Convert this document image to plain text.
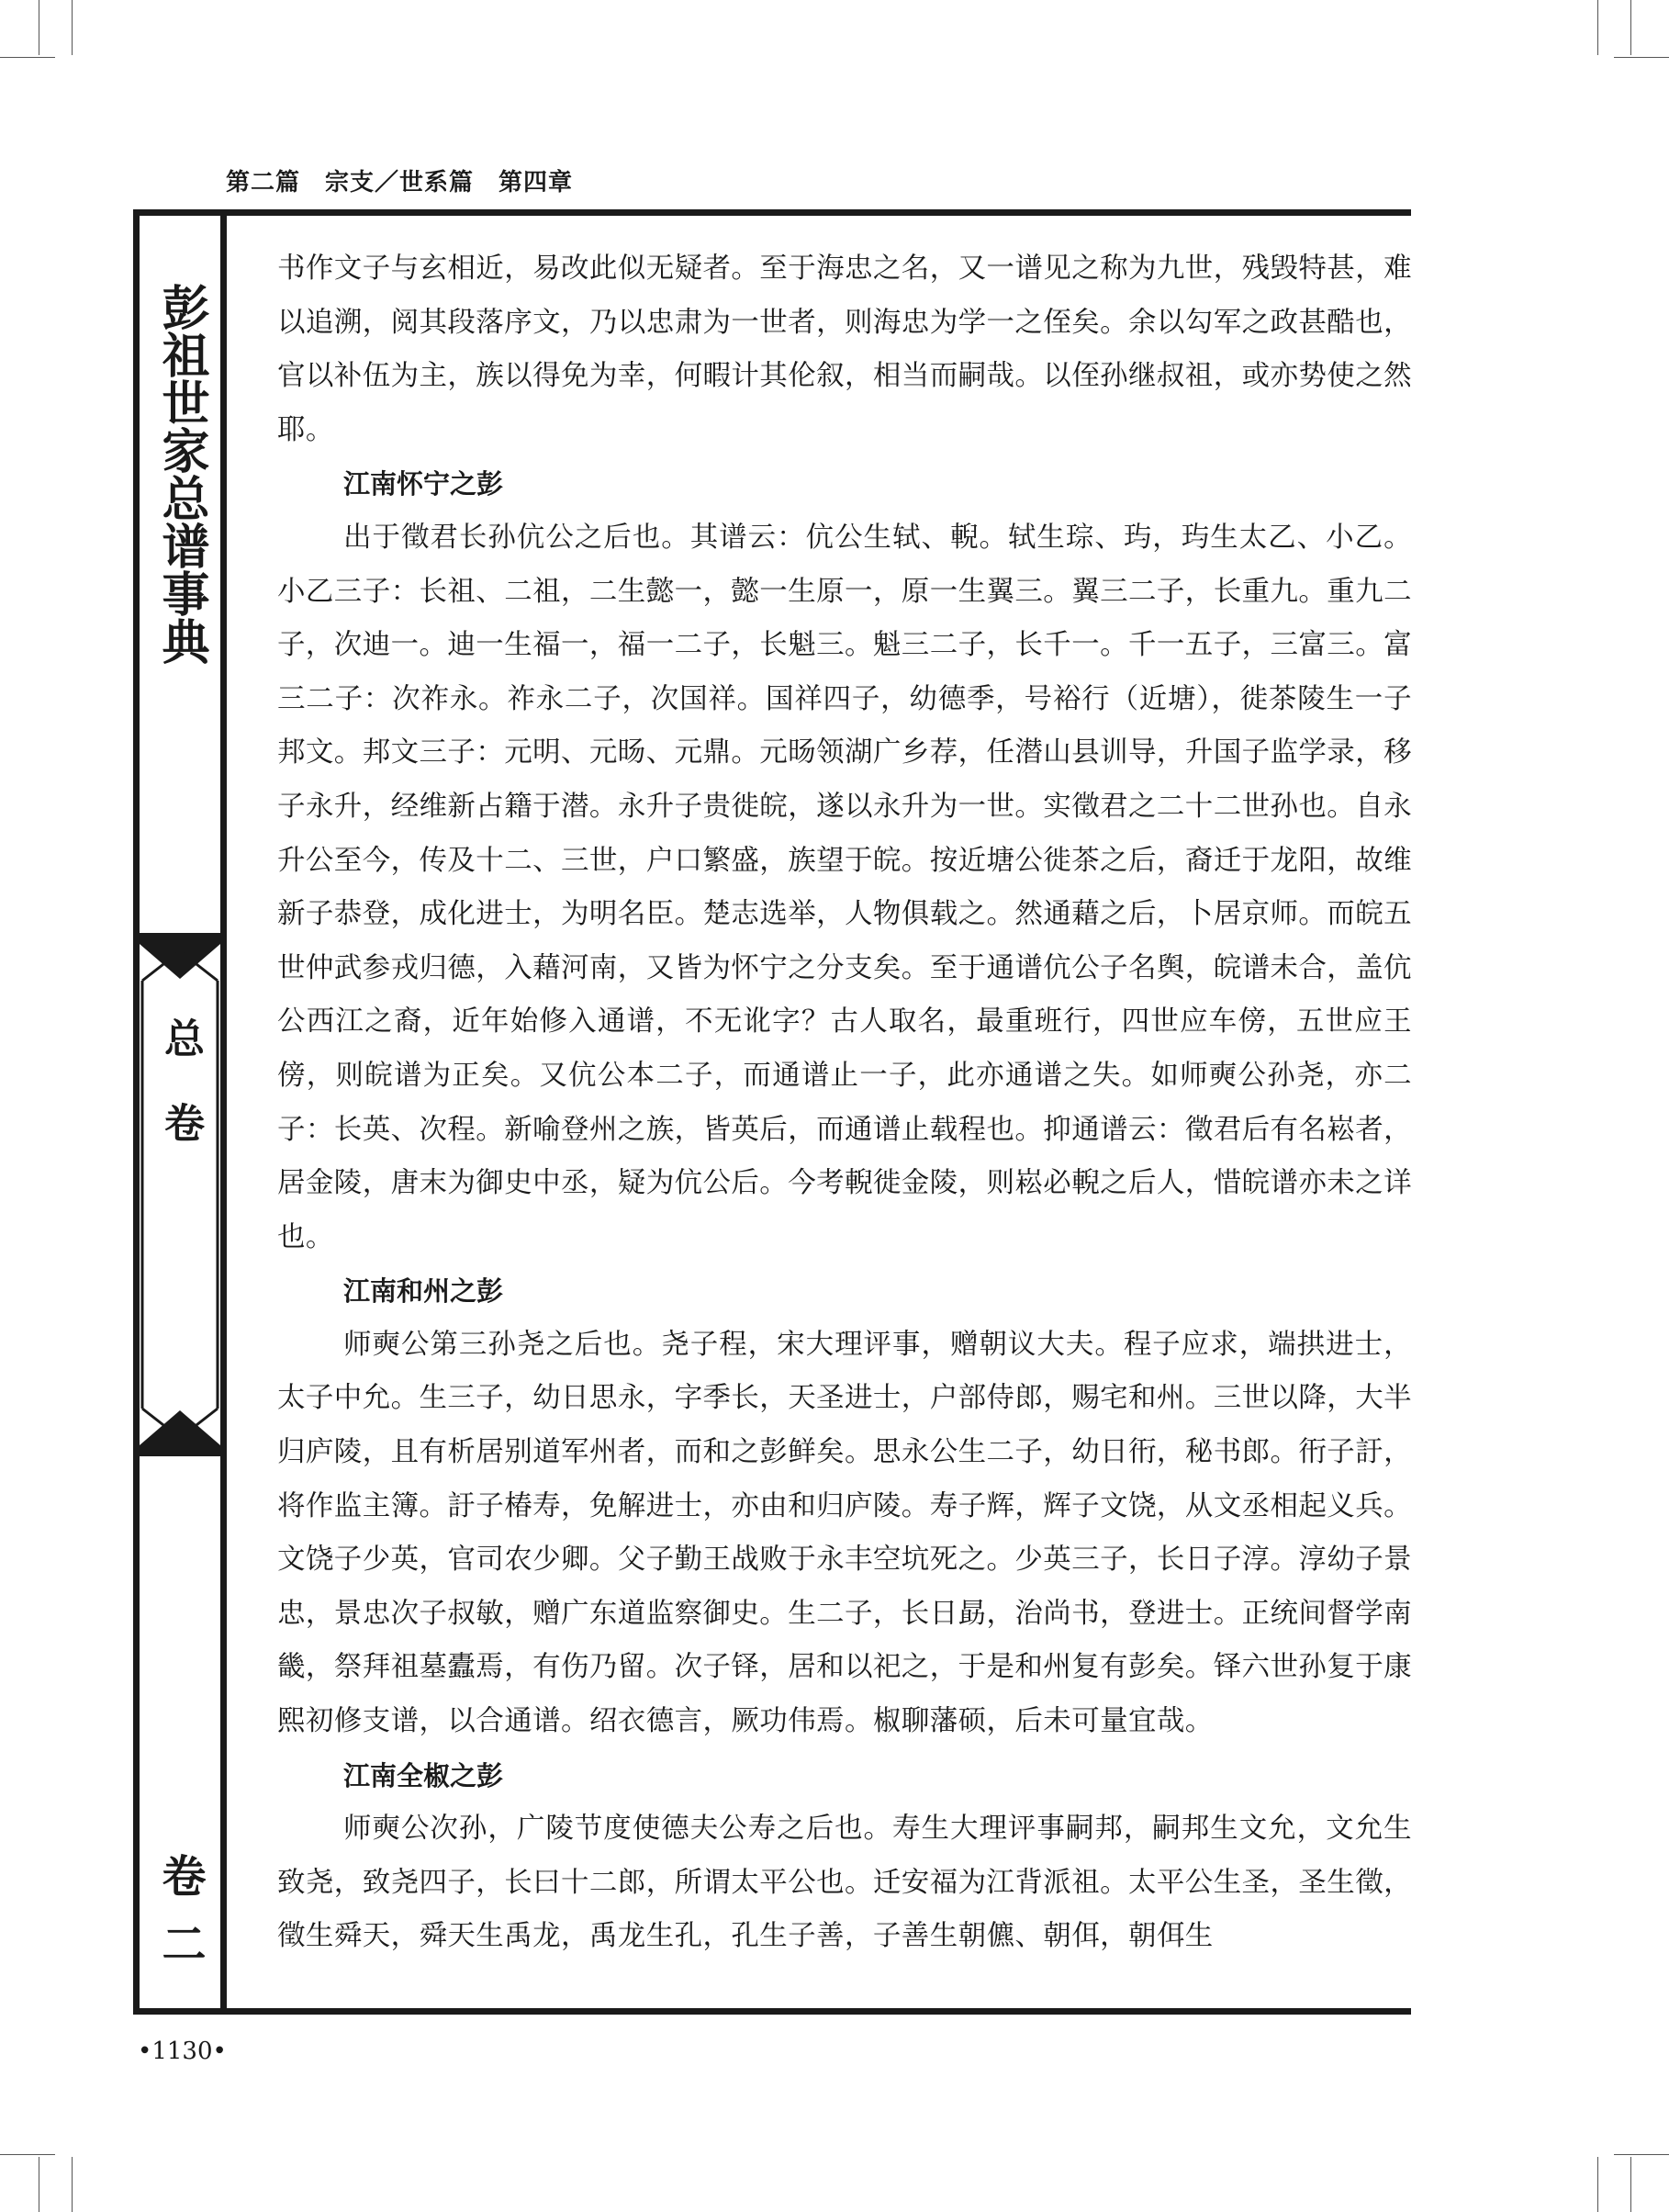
第二篇　宗支／世系篇　第四章
彭祖世家总谱事典
总卷
卷二

书作文子与玄相近，易改此似无疑者。至于海忠之名，又一谱见之称为九世，残毁特甚，难以追溯，阅其段落序文，乃以忠肃为一世者，则海忠为学一之侄矣。余以勾军之政甚酷也，官以补伍为主，族以得免为幸，何暇计其伦叙，相当而嗣哉。以侄孙继叔祖，或亦势使之然耶。

江南怀宁之彭

出于徵君长孙伉公之后也。其谱云：伉公生轼、輗。轼生琮、玙，玙生太乙、小乙。小乙三子：长祖、二祖，二生懿一，懿一生原一，原一生翼三。翼三二子，长重九。重九二子，次迪一。迪一生福一，福一二子，长魁三。魁三二子，长千一。千一五子，三富三。富三二子：次祚永。祚永二子，次国祥。国祥四子，幼德季，号裕行（近塘），徙茶陵生一子邦文。邦文三子：元明、元旸、元鼎。元旸领湖广乡荐，任潜山县训导，升国子监学录，移子永升，经维新占籍于潜。永升子贵徙皖，遂以永升为一世。实徵君之二十二世孙也。自永升公至今，传及十二、三世，户口繁盛，族望于皖。按近塘公徙茶之后，裔迁于龙阳，故维新子恭登，成化进士，为明名臣。楚志选举，人物俱载之。然通藉之后，卜居京师。而皖五世仲武参戎归德，入藉河南，又皆为怀宁之分支矣。至于通谱伉公子名舆，皖谱未合，盖伉公西江之裔，近年始修入通谱，不无讹字？古人取名，最重班行，四世应车傍，五世应王傍，则皖谱为正矣。又伉公本二子，而通谱止一子，此亦通谱之失。如师奭公孙尧，亦二子：长英、次程。新喻登州之族，皆英后，而通谱止载程也。抑通谱云：徵君后有名崧者，居金陵，唐末为御史中丞，疑为伉公后。今考輗徙金陵，则崧必輗之后人，惜皖谱亦未之详也。

江南和州之彭

师奭公第三孙尧之后也。尧子程，宋大理评事，赠朝议大夫。程子应求，端拱进士，太子中允。生三子，幼日思永，字季长，天圣进士，户部侍郎，赐宅和州。三世以降，大半归庐陵，且有析居别道军州者，而和之彭鲜矣。思永公生二子，幼日衎，秘书郎。衎子訏，将作监主簿。訏子椿寿，免解进士，亦由和归庐陵。寿子辉，辉子文饶，从文丞相起义兵。文饶子少英，官司农少卿。父子勤王战败于永丰空坑死之。少英三子，长日子淳。淳幼子景忠，景忠次子叔敏，赠广东道监察御史。生二子，长日勗，治尚书，登进士。正统间督学南畿，祭拜祖墓蠹焉，有伤乃留。次子铎，居和以祀之，于是和州复有彭矣。铎六世孙复于康熙初修支谱，以合通谱。绍衣德言，厥功伟焉。椒聊藩硕，后未可量宜哉。

江南全椒之彭

师奭公次孙，广陵节度使德夫公寿之后也。寿生大理评事嗣邦，嗣邦生文允，文允生致尧，致尧四子，长曰十二郎，所谓太平公也。迁安福为江背派祖。太平公生圣，圣生徵，徵生舜天，舜天生禹龙，禹龙生孔，孔生子善，子善生朝儦、朝佴，朝佴生

•1130•
